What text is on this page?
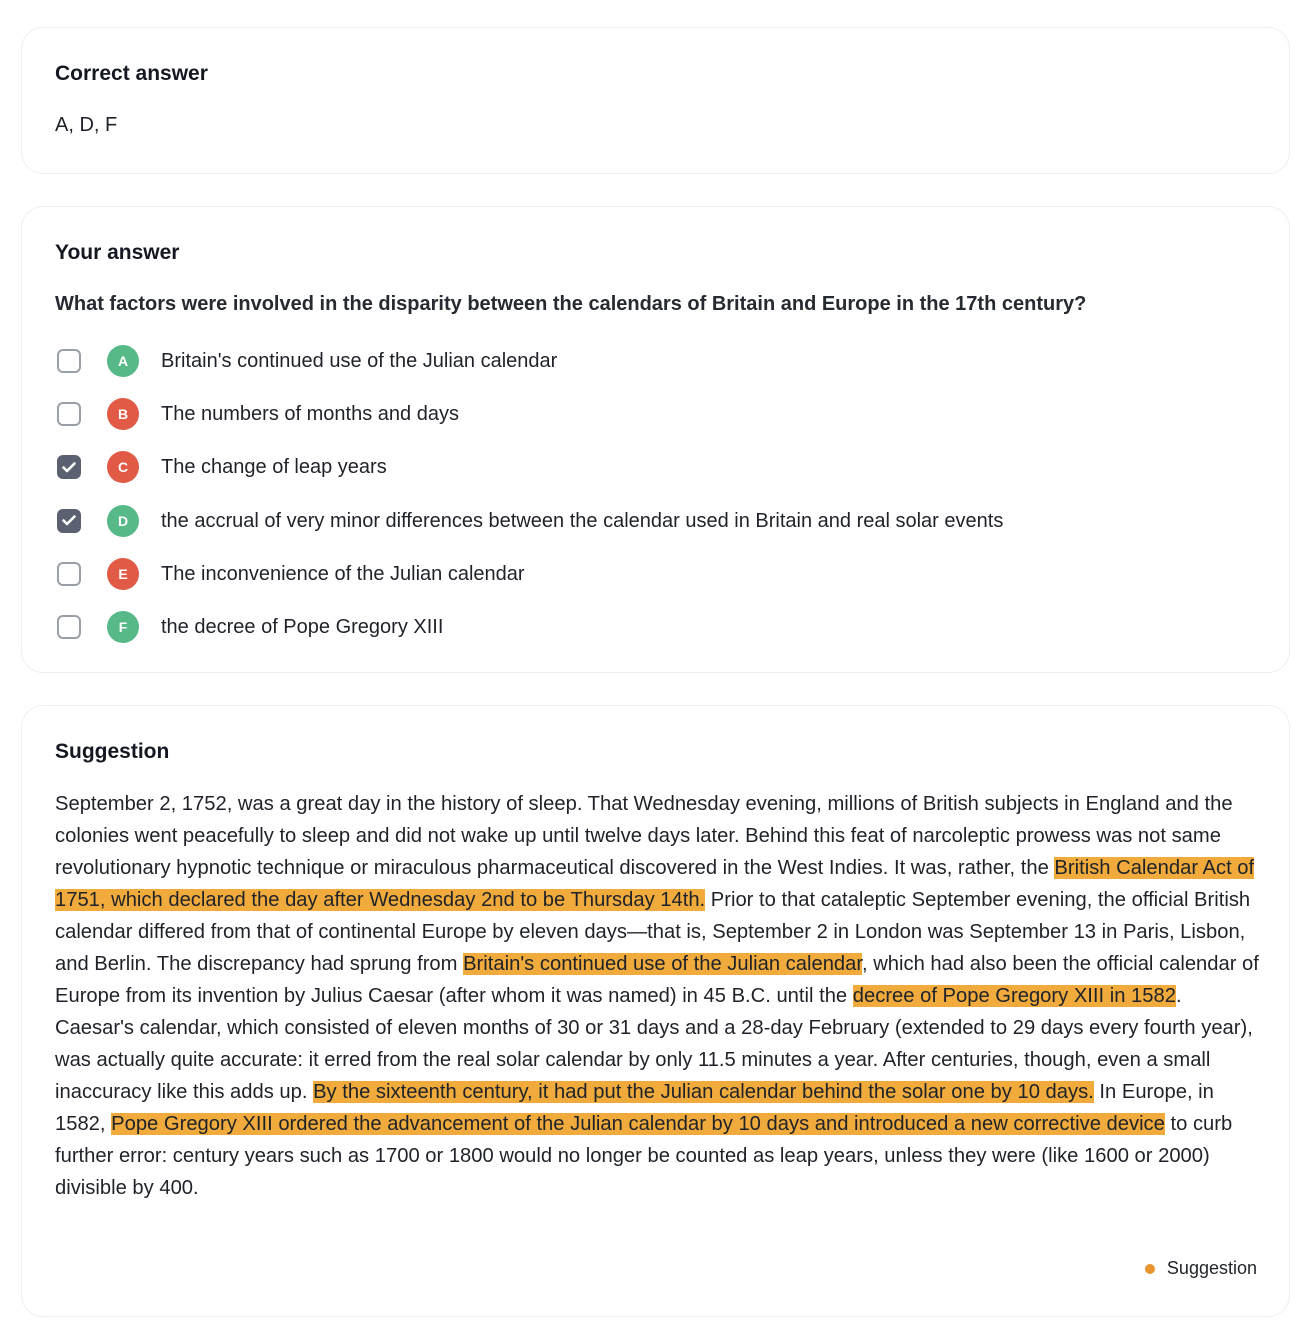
Correct answer
A, D, F
Your answer
What factors were involved in the disparity between the calendars of Britain and Europe in the 17th century?
A	Britain's continued use of the Julian calendar
B	The numbers of months and days
C	The change of leap years
D	the accrual of very minor differences between the calendar used in Britain and real solar events
E	The inconvenience of the Julian calendar
F	the decree of Pope Gregory XIII
Suggestion
September 2, 1752, was a great day in the history of sleep. That Wednesday evening, millions of British subjects in England and the colonies went peacefully to sleep and did not wake up until twelve days later. Behind this feat of narcoleptic prowess was not same revolutionary hypnotic technique or miraculous pharmaceutical discovered in the West Indies. It was, rather, the British Calendar Act of 1751, which declared the day after Wednesday 2nd to be Thursday 14th. Prior to that cataleptic September evening, the official British calendar differed from that of continental Europe by eleven days—that is, September 2 in London was September 13 in Paris, Lisbon, and Berlin. The discrepancy had sprung from Britain's continued use of the Julian calendar, which had also been the official calendar of Europe from its invention by Julius Caesar (after whom it was named) in 45 B.C. until the decree of Pope Gregory XIII in 1582. Caesar's calendar, which consisted of eleven months of 30 or 31 days and a 28-day February (extended to 29 days every fourth year), was actually quite accurate: it erred from the real solar calendar by only 11.5 minutes a year. After centuries, though, even a small inaccuracy like this adds up. By the sixteenth century, it had put the Julian calendar behind the solar one by 10 days. In Europe, in 1582, Pope Gregory XIII ordered the advancement of the Julian calendar by 10 days and introduced a new corrective device to curb further error: century years such as 1700 or 1800 would no longer be counted as leap years, unless they were (like 1600 or 2000) divisible by 400.
Suggestion
